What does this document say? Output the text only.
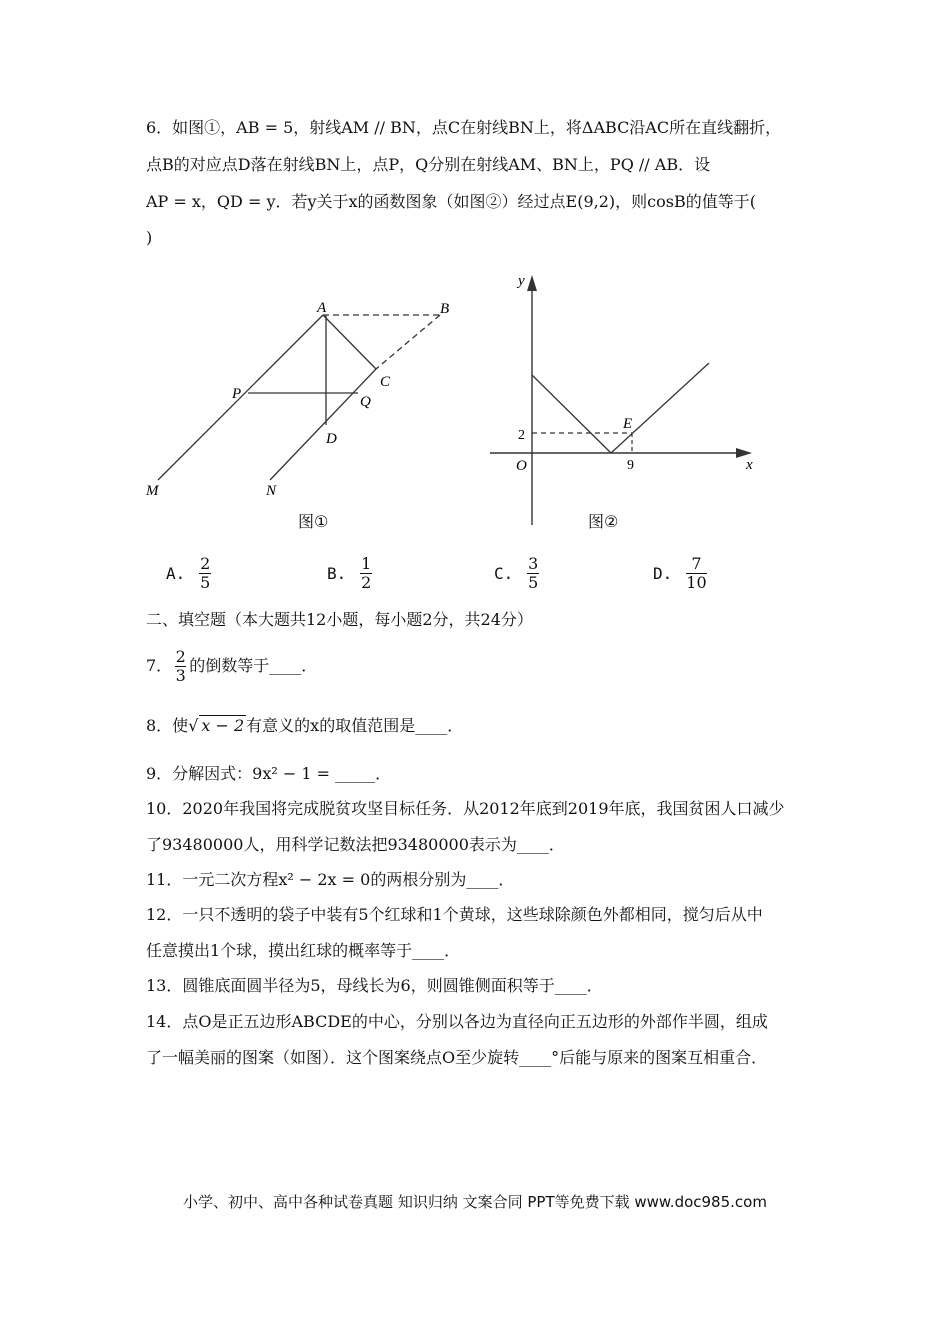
6．如图①，AB = 5，射线AM // BN，点C在射线BN上，将ΔABC沿AC所在直线翻折，
点B的对应点D落在射线BN上，点P，Q分别在射线AM、BN上，PQ // AB．设
AP = x，QD = y．若y关于x的函数图象（如图②）经过点E(9,2)，则cosB的值等于(
)
A	B
C
P	Q
D
M	N
图①
y
x
O
E
2
9
图②
A. $\frac{2}{5}$	B. $\frac{1}{2}$	C. $\frac{3}{5}$	D. $\frac{7}{10}$
二、填空题（本大题共12小题，每小题2分，共24分）
7． $\frac{2}{3}$ 的倒数等于____．
8．使√ x − 2 有意义的x的取值范围是____．
9．分解因式：9x² − 1 = _____．
10．2020年我国将完成脱贫攻坚目标任务．从2012年底到2019年底，我国贫困人口减少
了93480000人，用科学记数法把93480000表示为____．
11．一元二次方程x² − 2x = 0的两根分别为____．
12．一只不透明的袋子中装有5个红球和1个黄球，这些球除颜色外都相同，搅匀后从中
任意摸出1个球，摸出红球的概率等于____．
13．圆锥底面圆半径为5，母线长为6，则圆锥侧面积等于____．
14．点O是正五边形ABCDE的中心，分别以各边为直径向正五边形的外部作半圆，组成
了一幅美丽的图案（如图）．这个图案绕点O至少旋转____°后能与原来的图案互相重合．
小学、初中、高中各种试卷真题 知识归纳 文案合同 PPT等免费下载 www.doc985.com
